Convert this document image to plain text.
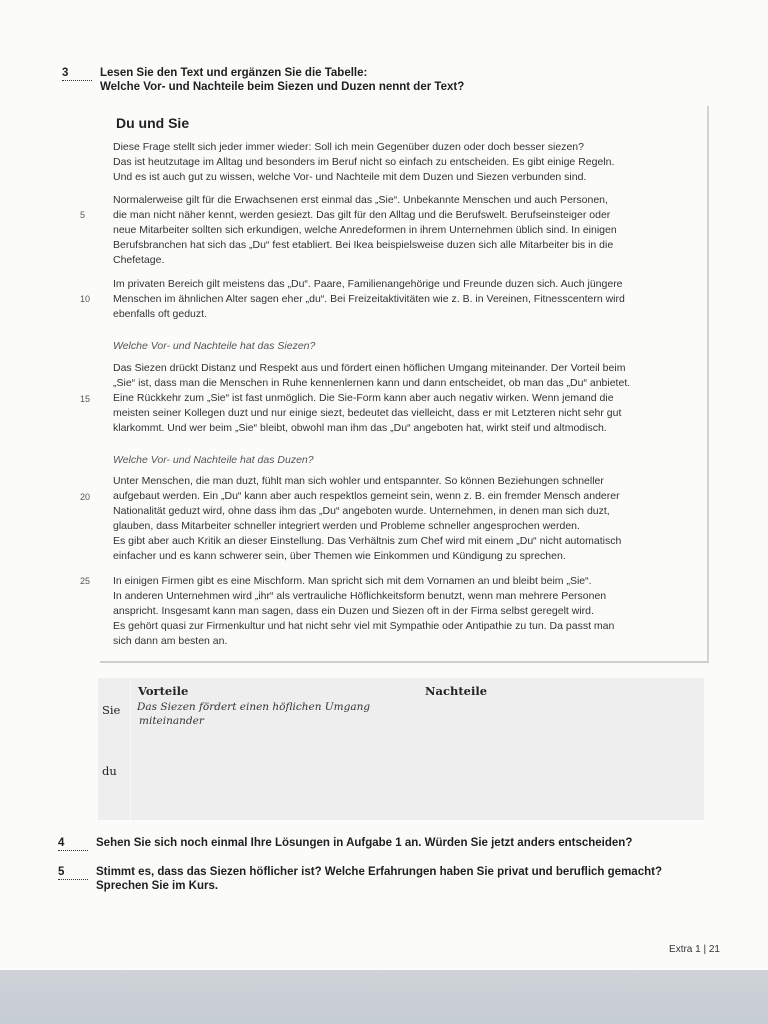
3	Lesen Sie den Text und ergänzen Sie die Tabelle:
Welche Vor- und Nachteile beim Siezen und Duzen nennt der Text?
Du und Sie

Diese Frage stellt sich jeder immer wieder: Soll ich mein Gegenüber duzen oder doch besser siezen?

Das ist heutzutage im Alltag und besonders im Beruf nicht so einfach zu entscheiden. Es gibt einige Regeln.

Und es ist auch gut zu wissen, welche Vor- und Nachteile mit dem Duzen und Siezen verbunden sind.

Normalerweise gilt für die Erwachsenen erst einmal das „Sie“. Unbekannte Menschen und auch Personen,

die man nicht näher kennt, werden gesiezt. Das gilt für den Alltag und die Berufswelt. Berufseinsteiger oder

neue Mitarbeiter sollten sich erkundigen, welche Anredeformen in ihrem Unternehmen üblich sind. In einigen

Berufsbranchen hat sich das „Du“ fest etabliert. Bei Ikea beispielsweise duzen sich alle Mitarbeiter bis in die

Chefetage.

5

Im privaten Bereich gilt meistens das „Du“. Paare, Familienangehörige und Freunde duzen sich. Auch jüngere

Menschen im ähnlichen Alter sagen eher „du“. Bei Freizeitaktivitäten wie z. B. in Vereinen, Fitnesscentern wird

ebenfalls oft geduzt.

10

Welche Vor- und Nachteile hat das Siezen?

Das Siezen drückt Distanz und Respekt aus und fördert einen höflichen Umgang miteinander. Der Vorteil beim

„Sie“ ist, dass man die Menschen in Ruhe kennenlernen kann und dann entscheidet, ob man das „Du“ anbietet.

Eine Rückkehr zum „Sie“ ist fast unmöglich. Die Sie-Form kann aber auch negativ wirken. Wenn jemand die

meisten seiner Kollegen duzt und nur einige siezt, bedeutet das vielleicht, dass er mit Letzteren nicht sehr gut

klarkommt. Und wer beim „Sie“ bleibt, obwohl man ihm das „Du“ angeboten hat, wirkt steif und altmodisch.

15

Welche Vor- und Nachteile hat das Duzen?

Unter Menschen, die man duzt, fühlt man sich wohler und entspannter. So können Beziehungen schneller

aufgebaut werden. Ein „Du“ kann aber auch respektlos gemeint sein, wenn z. B. ein fremder Mensch anderer

Nationalität geduzt wird, ohne dass ihm das „Du“ angeboten wurde. Unternehmen, in denen man sich duzt,

glauben, dass Mitarbeiter schneller integriert werden und Probleme schneller angesprochen werden.

Es gibt aber auch Kritik an dieser Einstellung. Das Verhältnis zum Chef wird mit einem „Du“ nicht automatisch

einfacher und es kann schwerer sein, über Themen wie Einkommen und Kündigung zu sprechen.

20

In einigen Firmen gibt es eine Mischform. Man spricht sich mit dem Vornamen an und bleibt beim „Sie“.

In anderen Unternehmen wird „ihr“ als vertrauliche Höflichkeitsform benutzt, wenn man mehrere Personen

anspricht. Insgesamt kann man sagen, dass ein Duzen und Siezen oft in der Firma selbst geregelt wird.

Es gehört quasi zur Firmenkultur und hat nicht sehr viel mit Sympathie oder Antipathie zu tun. Da passt man

sich dann am besten an.

25
Vorteile	Nachteile
Sie Das Siezen fördert einen höflichen Umgang
miteinander
du
4	Sehen Sie sich noch einmal Ihre Lösungen in Aufgabe 1 an. Würden Sie jetzt anders entscheiden?
5	Stimmt es, dass das Siezen höflicher ist? Welche Erfahrungen haben Sie privat und beruflich gemacht?
Sprechen Sie im Kurs.
Extra 1 | 21
